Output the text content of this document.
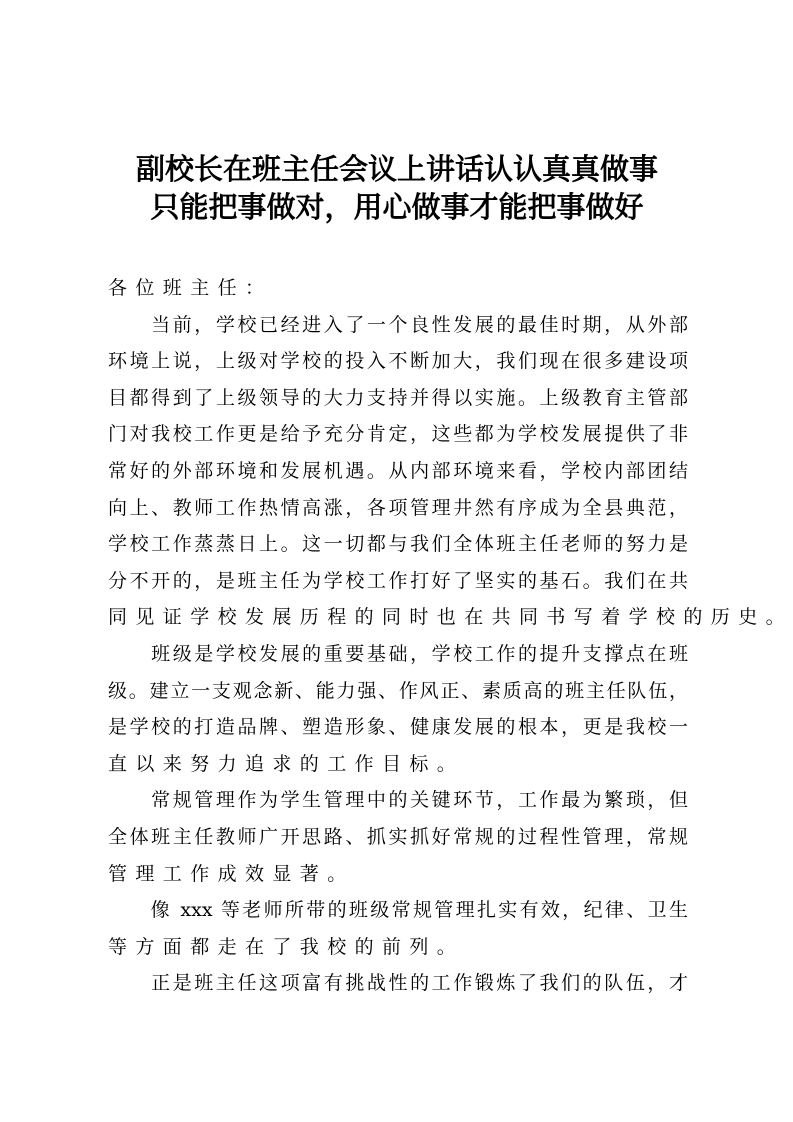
副校长在班主任会议上讲话认认真真做事
只能把事做对，用心做事才能把事做好
各位班主任：
　　当前，学校已经进入了一个良性发展的最佳时期，从外部
环境上说，上级对学校的投入不断加大，我们现在很多建设项
目都得到了上级领导的大力支持并得以实施。上级教育主管部
门对我校工作更是给予充分肯定，这些都为学校发展提供了非
常好的外部环境和发展机遇。从内部环境来看，学校内部团结
向上、教师工作热情高涨，各项管理井然有序成为全县典范，
学校工作蒸蒸日上。这一切都与我们全体班主任老师的努力是
分不开的，是班主任为学校工作打好了坚实的基石。我们在共
同见证学校发展历程的同时也在共同书写着学校的历史。
　　班级是学校发展的重要基础，学校工作的提升支撑点在班
级。建立一支观念新、能力强、作风正、素质高的班主任队伍，
是学校的打造品牌、塑造形象、健康发展的根本，更是我校一
直以来努力追求的工作目标。
　　常规管理作为学生管理中的关键环节，工作最为繁琐，但
全体班主任教师广开思路、抓实抓好常规的过程性管理，常规
管理工作成效显著。
　　像 xxx 等老师所带的班级常规管理扎实有效，纪律、卫生
等方面都走在了我校的前列。
　　正是班主任这项富有挑战性的工作锻炼了我们的队伍，才
